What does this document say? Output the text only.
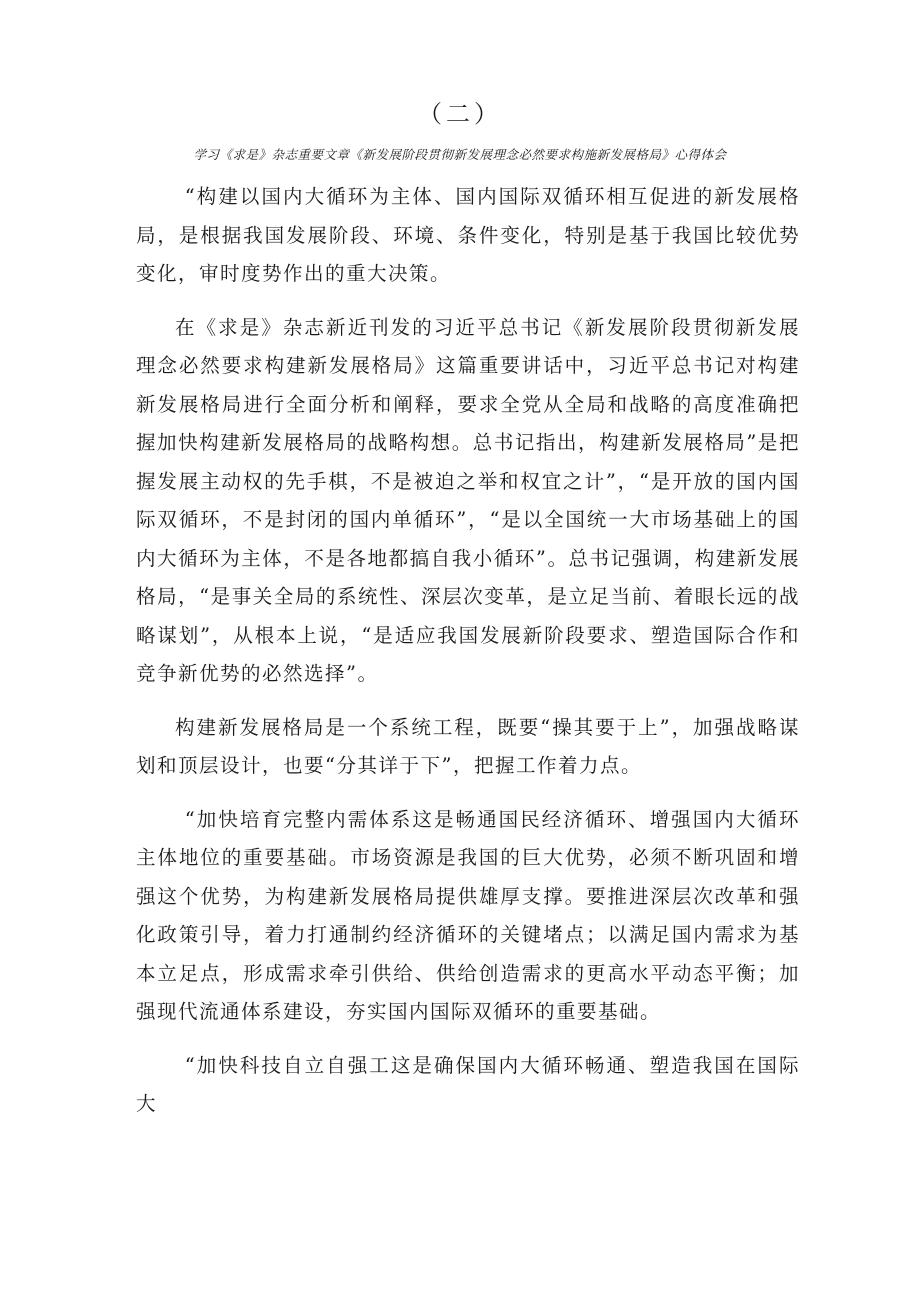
（二）
学习《求是》杂志重要文章《新发展阶段贯彻新发展理念必然要求构施新发展格局》心得体会

“构建以国内大循环为主体、国内国际双循环相互促进的新发展格局，是根据我国发展阶段、环境、条件变化，特别是基于我国比较优势变化，审时度势作出的重大决策。

在《求是》杂志新近刊发的习近平总书记《新发展阶段贯彻新发展理念必然要求构建新发展格局》这篇重要讲话中，习近平总书记对构建新发展格局进行全面分析和阐释，要求全党从全局和战略的高度准确把握加快构建新发展格局的战略构想。总书记指出，构建新发展格局”是把握发展主动权的先手棋，不是被迫之举和权宜之计”，“是开放的国内国际双循环，不是封闭的国内单循环”，“是以全国统一大市场基础上的国内大循环为主体，不是各地都搞自我小循环”。总书记强调，构建新发展格局，“是事关全局的系统性、深层次变革，是立足当前、着眼长远的战略谋划”，从根本上说，“是适应我国发展新阶段要求、塑造国际合作和竞争新优势的必然选择”。

构建新发展格局是一个系统工程，既要“操其要于上”，加强战略谋划和顶层设计，也要“分其详于下”，把握工作着力点。

“加快培育完整内需体系这是畅通国民经济循环、增强国内大循环主体地位的重要基础。市场资源是我国的巨大优势，必须不断巩固和增强这个优势，为构建新发展格局提供雄厚支撑。要推进深层次改革和强化政策引导，着力打通制约经济循环的关键堵点；以满足国内需求为基本立足点，形成需求牵引供给、供给创造需求的更高水平动态平衡；加强现代流通体系建设，夯实国内国际双循环的重要基础。

“加快科技自立自强工这是确保国内大循环畅通、塑造我国在国际大
